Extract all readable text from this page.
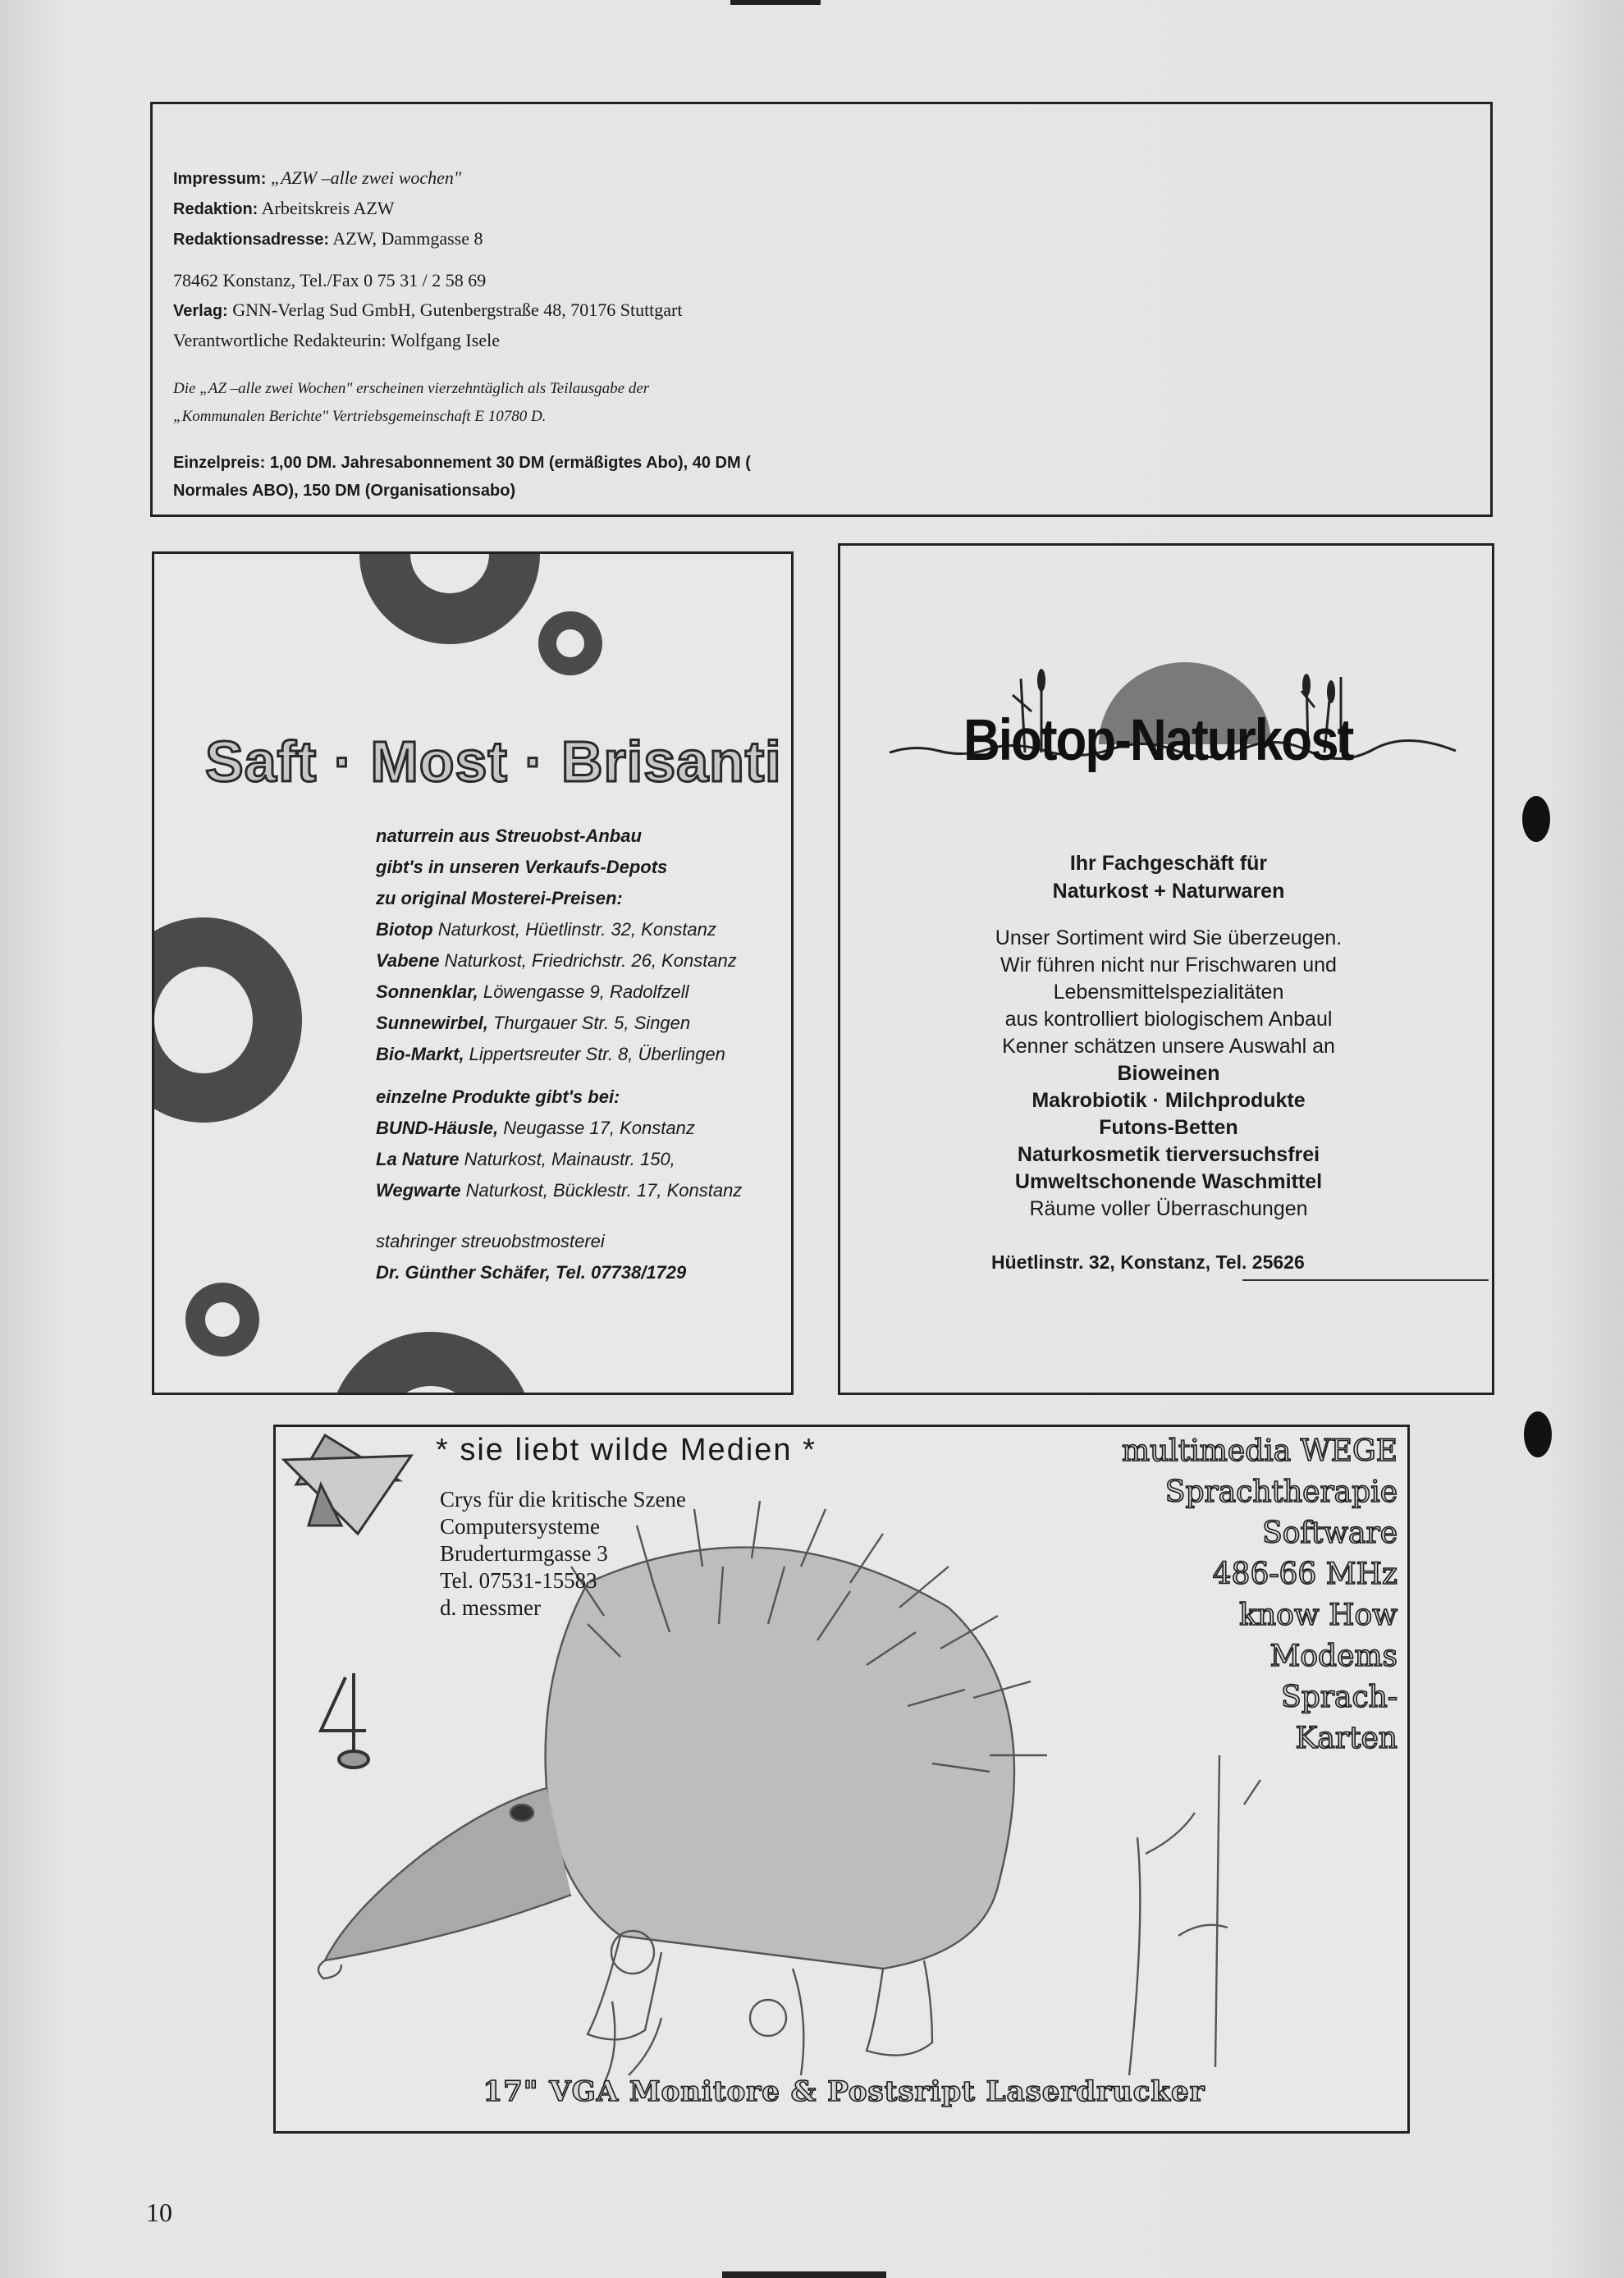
Impressum: „AZW –alle zwei wochen"
Redaktion: Arbeitskreis AZW
Redaktionsadresse: AZW, Dammgasse 8
78462 Konstanz, Tel./Fax 0 75 31 / 2 58 69
Verlag: GNN-Verlag Sud GmbH, Gutenbergstraße 48, 70176 Stuttgart
Verantwortliche Redakteurin: Wolfgang Isele
Die „AZ –alle zwei Wochen" erscheinen vierzehntäglich als Teilausgabe der
„Kommunalen Berichte" Vertriebsgemeinschaft E 10780 D.
Einzelpreis: 1,00 DM. Jahresabonnement 30 DM (ermäßigtes Abo), 40 DM (
Normales ABO), 150 DM (Organisationsabo)
Saft · Most · Brisanti
naturrein aus Streuobst-Anbau
gibt's in unseren Verkaufs-Depots
zu original Mosterei-Preisen:
Biotop Naturkost, Hüetlinstr. 32, Konstanz
Vabene Naturkost, Friedrichstr. 26, Konstanz
Sonnenklar, Löwengasse 9, Radolfzell
Sunnewirbel, Thurgauer Str. 5, Singen
Bio-Markt, Lippertsreuter Str. 8, Überlingen
einzelne Produkte gibt's bei:
BUND-Häusle, Neugasse 17, Konstanz
La Nature Naturkost, Mainaustr. 150,
Wegwarte Naturkost, Bücklestr. 17, Konstanz
stahringer streuobstmosterei
Dr. Günther Schäfer, Tel. 07738/1729
Biotop-Naturkost
Ihr Fachgeschäft für
Naturkost + Naturwaren
Unser Sortiment wird Sie überzeugen.
Wir führen nicht nur Frischwaren und
Lebensmittelspezialitäten
aus kontrolliert biologischem Anbaul
Kenner schätzen unsere Auswahl an
Bioweinen
Makrobiotik · Milchprodukte
Futons-Betten
Naturkosmetik tierversuchsfrei
Umweltschonende Waschmittel
Räume voller Überraschungen
Hüetlinstr. 32, Konstanz, Tel. 25626
* sie liebt wilde Medien *
Crys für die kritische Szene
Computersysteme
Bruderturmgasse 3
Tel. 07531-15583
d. messmer
multimedia WEGE
Sprachtherapie
Software
486-66 MHz
know How
Modems
Sprach-
Karten
17" VGA Monitore & Postsript Laserdrucker
10
